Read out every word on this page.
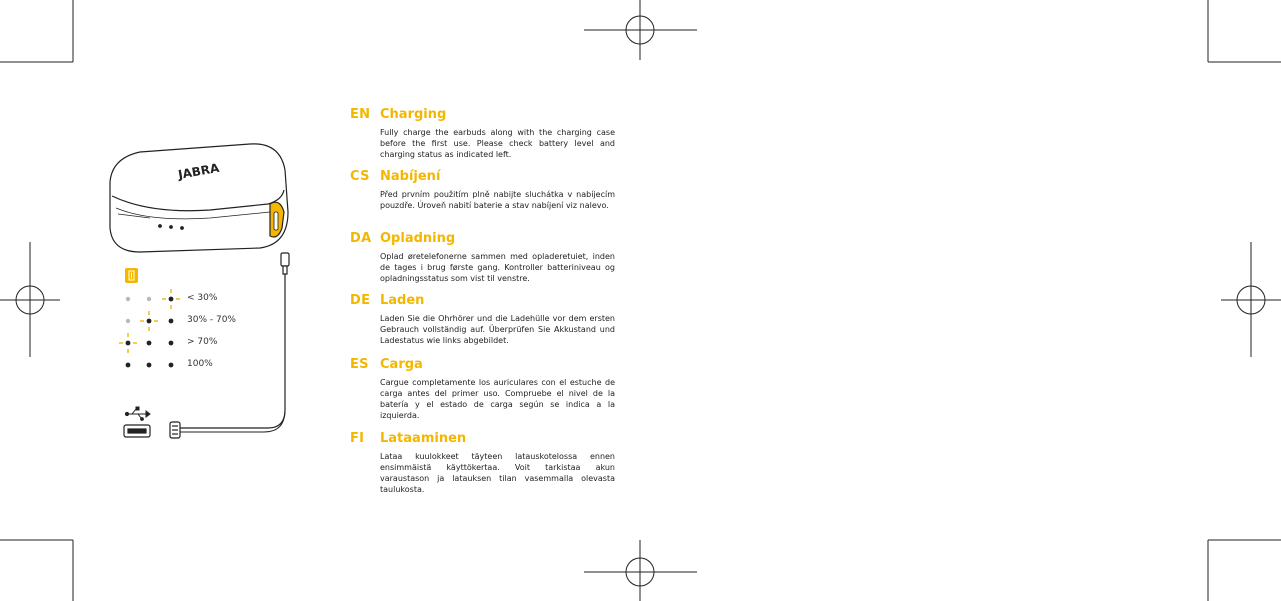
JABRA
< 30%
30% - 70%
> 70%
100%
EN Charging
Fully charge the earbuds along with the charging case before the first use. Please check battery level and charging status as indicated left.
CS Nabíjení
Před prvním použitím plně nabijte sluchátka v nabíjecím pouzdře. Úroveň nabití baterie a stav nabíjení viz nalevo.
DA Opladning
Oplad øretelefonerne sammen med opladeretuiet, inden de tages i brug første gang. Kontroller batteriniveau og opladningsstatus som vist til venstre.
DE Laden
Laden Sie die Ohrhörer und die Ladehülle vor dem ersten Gebrauch vollständig auf. Überprüfen Sie Akkustand und Ladestatus wie links abgebildet.
ES Carga
Cargue completamente los auriculares con el estuche de carga antes del primer uso. Compruebe el nivel de la batería y el estado de carga según se indica a la izquierda.
FI	Lataaminen
Lataa kuulokkeet täyteen latauskotelossa ennen ensimmäistä käyttökertaa. Voit tarkistaa akun varaustason ja latauksen tilan vasemmalla olevasta taulukosta.
